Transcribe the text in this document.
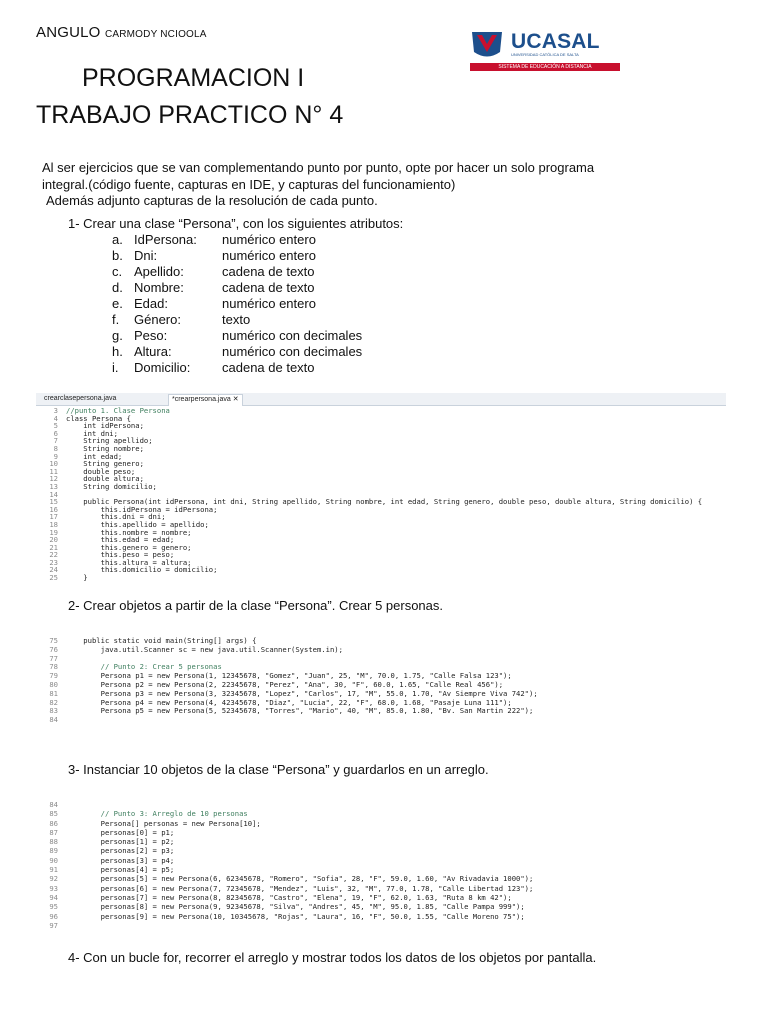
ANGULO CARMODY NCIOOLA	UCASAL
UNIVERSIDAD CATÓLICA DE SALTA
SISTEMA DE EDUCACIÓN A DISTANCIA
PROGRAMACION I
TRABAJO PRACTICO N° 4
Al ser ejercicios que se van complementando punto por punto, opte por hacer un solo programa
integral.(código fuente, capturas en IDE, y capturas del funcionamiento)
Además adjunto capturas de la resolución de cada punto.
1- Crear una clase “Persona”, con los siguientes atributos:
a. IdPersona: numérico entero
b. Dni:	numérico entero
c. Apellido:	cadena de texto
d. Nombre:	cadena de texto
e. Edad:	numérico entero
f.	Género:	texto
g. Peso:	numérico con decimales
h. Altura:	numérico con decimales
i.	Domicilio: cadena de texto
crearclasepersona.java	*crearpersona.java ✕
3 //punto 1. Clase Persona
4 class Persona {
5 int idPersona;
6 int dni;
7 String apellido;
8 String nombre;
9 int edad;
10 String genero;
11 double peso;
12 double altura;
13 String domicilio;
14
15 public Persona(int idPersona, int dni, String apellido, String nombre, int edad, String genero, double peso, double altura, String domicilio) {
16 this.idPersona = idPersona;
17 this.dni = dni;
18 this.apellido = apellido;
19 this.nombre = nombre;
20 this.edad = edad;
21 this.genero = genero;
22 this.peso = peso;
23 this.altura = altura;
24 this.domicilio = domicilio;
25 }
2- Crear objetos a partir de la clase “Persona”. Crear 5 personas.
75 public static void main(String[] args) {
76 java.util.Scanner sc = new java.util.Scanner(System.in);
77
78 // Punto 2: Crear 5 personas
79 Persona p1 = new Persona(1, 12345678, "Gomez", "Juan", 25, "M", 70.0, 1.75, "Calle Falsa 123");
80 Persona p2 = new Persona(2, 22345678, "Perez", "Ana", 30, "F", 60.0, 1.65, "Calle Real 456");
81 Persona p3 = new Persona(3, 32345678, "Lopez", "Carlos", 17, "M", 55.0, 1.70, "Av Siempre Viva 742");
82 Persona p4 = new Persona(4, 42345678, "Diaz", "Lucia", 22, "F", 68.0, 1.68, "Pasaje Luna 111");
83 Persona p5 = new Persona(5, 52345678, "Torres", "Mario", 40, "M", 85.0, 1.80, "Bv. San Martin 222");
84
3- Instanciar 10 objetos de la clase “Persona” y guardarlos en un arreglo.
84
85 // Punto 3: Arreglo de 10 personas
86 Persona[] personas = new Persona[10];
87 personas[0] = p1;
88 personas[1] = p2;
89 personas[2] = p3;
90 personas[3] = p4;
91 personas[4] = p5;
92 personas[5] = new Persona(6, 62345678, "Romero", "Sofia", 28, "F", 59.0, 1.60, "Av Rivadavia 1000");
93 personas[6] = new Persona(7, 72345678, "Mendez", "Luis", 32, "M", 77.0, 1.78, "Calle Libertad 123");
94 personas[7] = new Persona(8, 82345678, "Castro", "Elena", 19, "F", 62.0, 1.63, "Ruta 8 km 42");
95 personas[8] = new Persona(9, 92345678, "Silva", "Andres", 45, "M", 95.0, 1.85, "Calle Pampa 999");
96 personas[9] = new Persona(10, 10345678, "Rojas", "Laura", 16, "F", 50.0, 1.55, "Calle Moreno 75");
97
4- Con un bucle for, recorrer el arreglo y mostrar todos los datos de los objetos por pantalla.
